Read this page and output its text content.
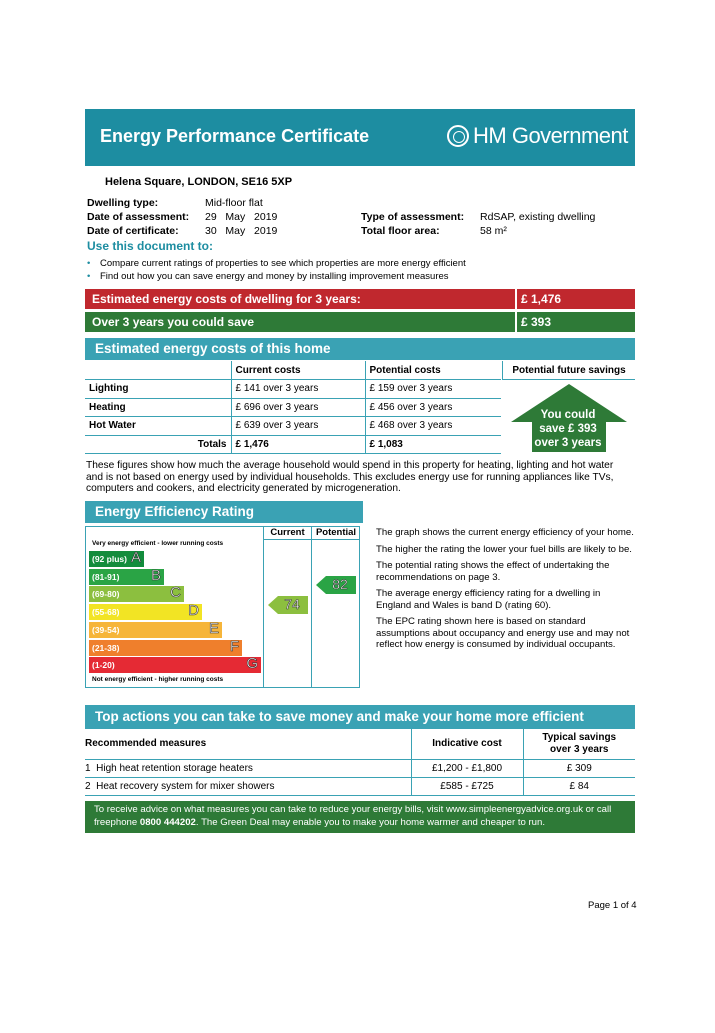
Energy Performance Certificate	HM Government
Helena Square, LONDON, SE16 5XP
Dwelling type:	Mid-floor flat
Date of assessment: 29   May   2019
Date of certificate:	30   May   2019
Type of assessment: RdSAP, existing dwelling
Total floor area:	58 m²
Use this document to:
• Compare current ratings of properties to see which properties are more energy efficient
• Find out how you can save energy and money by installing improvement measures
Estimated energy costs of dwelling for 3 years:	£ 1,476
Over 3 years you could save	£ 393
Estimated energy costs of this home
	Current costs	Potential costs
Lighting	£ 141 over 3 years	£ 159 over 3 years
Heating	£ 696 over 3 years	£ 456 over 3 years
Hot Water	£ 639 over 3 years	£ 468 over 3 years
Totals	£ 1,476	£ 1,083
Potential future savings
You could
save £ 393
over 3 years
These figures show how much the average household would spend in this property for heating, lighting and hot water and is not based on energy used by individual households. This excludes energy use for running appliances like TVs, computers and cookers, and electricity generated by microgeneration.
Energy Efficiency Rating
Current	Potential
Very energy efficient - lower running costs
Not energy efficient - higher running costs
(92 plus) A
(81-91) B
(69-80)	C
(55-68)	D
(39-54)	E
(21-38)	F
(1-20)	G
74
82

The graph shows the current energy efficiency of your home.

The higher the rating the lower your fuel bills are likely to be.

The potential rating shows the effect of undertaking the recommendations on page 3.

The average energy efficiency rating for a dwelling in England and Wales is band D (rating 60).

The EPC rating shown here is based on standard assumptions about occupancy and energy use and may not reflect how energy is consumed by individual occupants.

Top actions you can take to save money and make your home more efficient
Recommended measures	Indicative cost	Typical savings
over 3 years

1 High heat retention storage heaters	£1,200 - £1,800	£ 309
2 Heat recovery system for mixer showers	£585 - £725	£ 84
To receive advice on what measures you can take to reduce your energy bills, visit www.simpleenergyadvice.org.uk or call freephone 0800 444202. The Green Deal may enable you to make your home warmer and cheaper to run.
Page 1 of 4
